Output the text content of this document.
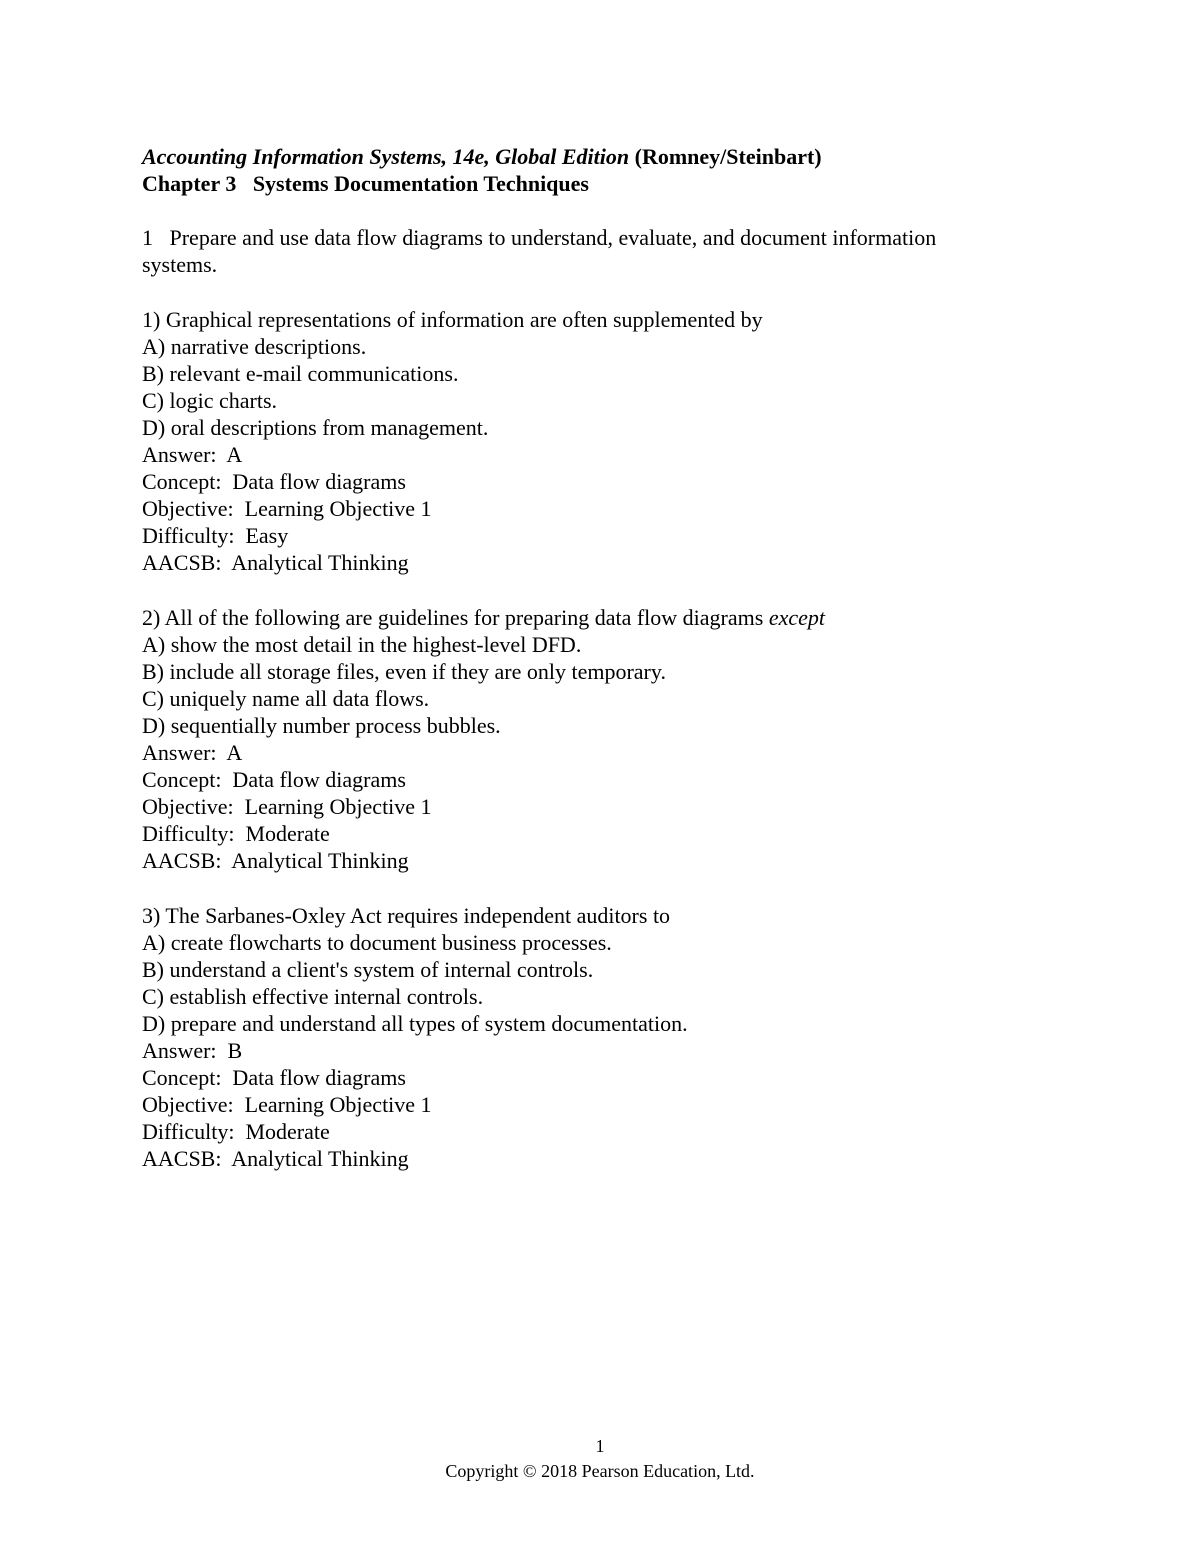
Accounting Information Systems, 14e, Global Edition (Romney/Steinbart)
Chapter 3   Systems Documentation Techniques
1   Prepare and use data flow diagrams to understand, evaluate, and document information systems.
1) Graphical representations of information are often supplemented by
A) narrative descriptions.
B) relevant e-mail communications.
C) logic charts.
D) oral descriptions from management.
Answer:  A
Concept:  Data flow diagrams
Objective:  Learning Objective 1
Difficulty:  Easy
AACSB:  Analytical Thinking
2) All of the following are guidelines for preparing data flow diagrams except
A) show the most detail in the highest-level DFD.
B) include all storage files, even if they are only temporary.
C) uniquely name all data flows.
D) sequentially number process bubbles.
Answer:  A
Concept:  Data flow diagrams
Objective:  Learning Objective 1
Difficulty:  Moderate
AACSB:  Analytical Thinking
3) The Sarbanes-Oxley Act requires independent auditors to
A) create flowcharts to document business processes.
B) understand a client's system of internal controls.
C) establish effective internal controls.
D) prepare and understand all types of system documentation.
Answer:  B
Concept:  Data flow diagrams
Objective:  Learning Objective 1
Difficulty:  Moderate
AACSB:  Analytical Thinking
1
Copyright © 2018 Pearson Education, Ltd.
